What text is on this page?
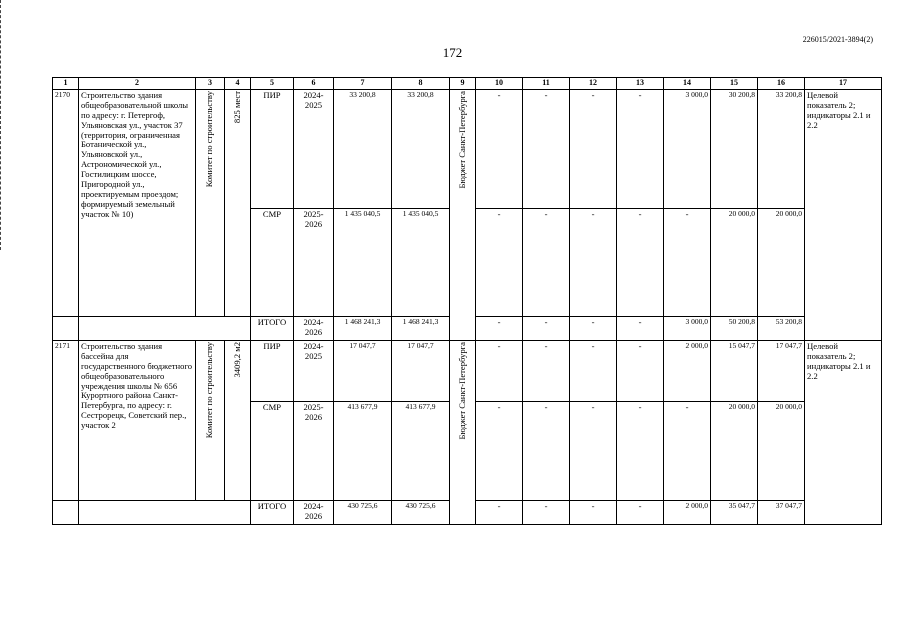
226015/2021-3894(2)
172
1	2	3	4	5	6	7	8	9	10	11	12	13	14	15	16	17
2170	Строительство здания общеобразовательной школы по адресу: г. Петергоф, Ульяновская ул., участок 37 (территория, ограниченная Ботанической ул., Ульяновской ул., Астрономической ул., Гостилицким шоссе, Пригородной ул., проектируемым проездом; формируемый земельный участок № 10)	Комитет по строительству	825 мест	ПИР	2024-2025	33 200,8	33 200,8	Бюджет Санкт-Петербурга	-	-	-	-	3 000,0	30 200,8	33 200,8	Целевой показатель 2; индикаторы 2.1 и 2.2
				СМР	2025-2026	1 435 040,5	1 435 040,5		-	-	-	-	-	20 000,0	20 000,0	
				ИТОГО	2024-2026	1 468 241,3	1 468 241,3		-	-	-	-	3 000,0	50 200,8	53 200,8	
2171	Строительство здания бассейна для государственного бюджетного общеобразовательного учреждения школы № 656 Курортного района Санкт-Петербурга, по адресу: г. Сестрорецк, Советский пер., участок 2	Комитет по строительству	3409,2 м2	ПИР	2024-2025	17 047,7	17 047,7	Бюджет Санкт-Петербурга	-	-	-	-	2 000,0	15 047,7	17 047,7	Целевой показатель 2; индикаторы 2.1 и 2.2
				СМР	2025-2026	413 677,9	413 677,9		-	-	-	-	-	20 000,0	20 000,0	
				ИТОГО	2024-2026	430 725,6	430 725,6		-	-	-	-	2 000,0	35 047,7	37 047,7	
